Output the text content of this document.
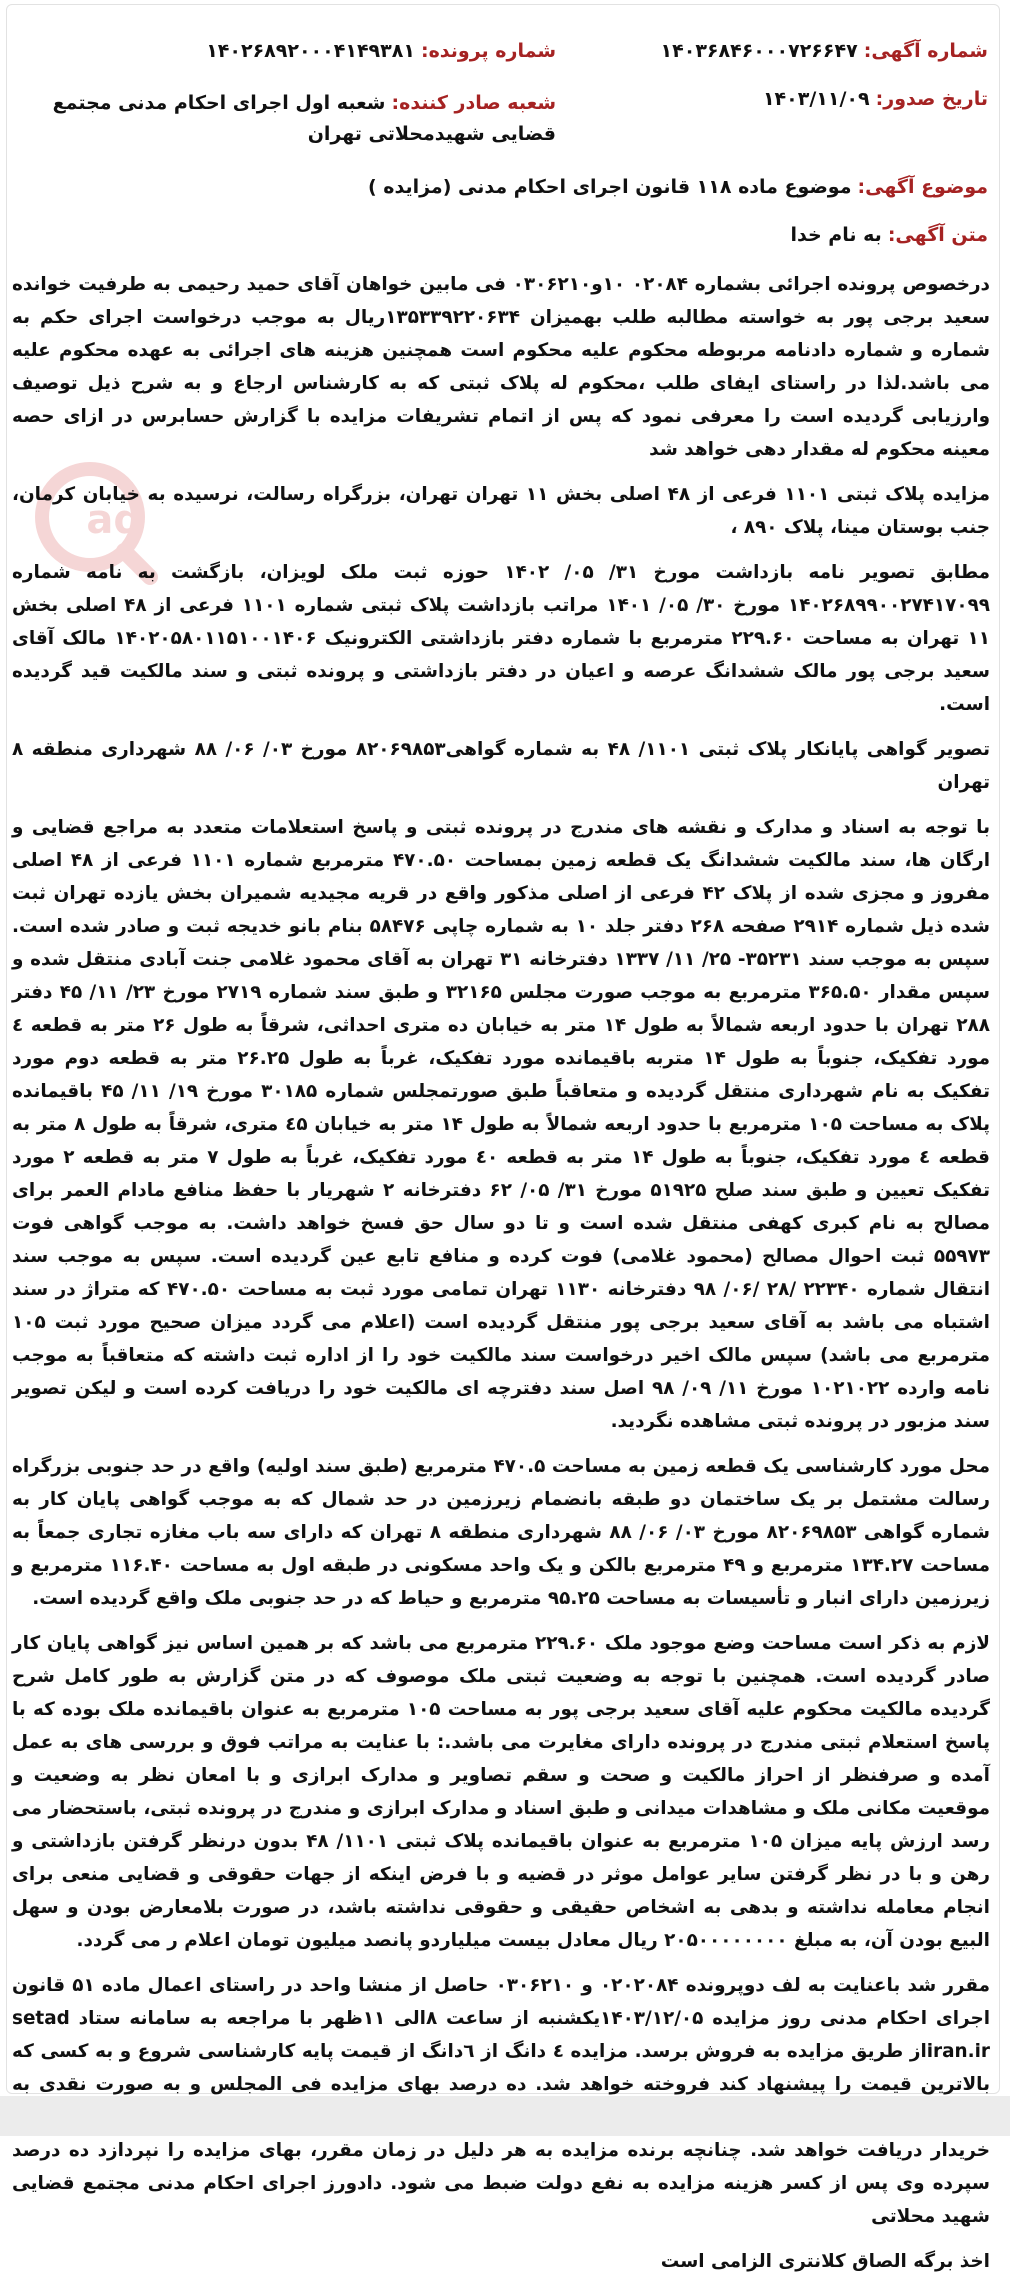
شماره آگهی: ۱۴۰۳۶۸۴۶۰۰۰۷۲۶۶۴۷
تاریخ صدور: ۱۴۰۳/۱۱/۰۹
شماره پرونده: ۱۴۰۲۶۸۹۲۰۰۰۴۱۴۹۳۸۱
شعبه صادر کننده: شعبه اول اجرای احکام مدنی مجتمع قضایی شهیدمحلاتی تهران
موضوع آگهی: موضوع ماده ۱۱۸ قانون اجرای احکام مدنی (مزایده )
متن آگهی: به نام خدا
ad

درخصوص پرونده اجرائی بشماره ۰۲۰۸۴ ۱۰و۰۳۰۶۲۱۰ فی مابین خواهان آقای حمید رحیمی به طرفیت خوانده سعید برجی پور به خواسته مطالبه طلب بهمیزان ۱۳۵۳۳۹۲۲۰۶۳۴ریال به موجب درخواست اجرای حکم به شماره و شماره دادنامه مربوطه محکوم علیه محکوم است همچنین هزینه های اجرائی به عهده محکوم علیه می باشد.لذا در راستای ایفای طلب ،محکوم له پلاک ثبتی که به کارشناس ارجاع و به شرح ذیل توصیف وارزیابی گردیده است را معرفی نمود که پس از اتمام تشریفات مزایده با گزارش حسابرس در ازای حصه معینه محکوم له مقدار دهی خواهد شد

مزایده پلاک ثبتی ۱۱۰۱ فرعی از ۴۸ اصلی بخش ۱۱ تهران تهران، بزرگراه رسالت، نرسیده به خیابان کرمان، جنب بوستان مینا، پلاک ۸۹۰ ،

مطابق تصویر نامه بازداشت مورخ ۳۱/ ۰۵/ ۱۴۰۲ حوزه ثبت ملک لویزان، بازگشت به نامه شماره ۱۴۰۲۶۸۹۹۰۰۲۷۴۱۷۰۹۹ مورخ ۳۰/ ۰۵/ ۱۴۰۱ مراتب بازداشت پلاک ثبتی شماره ۱۱۰۱ فرعی از ۴۸ اصلی بخش ۱۱ تهران به مساحت ۲۲۹.۶۰ مترمربع با شماره دفتر بازداشتی الکترونیک ۱۴۰۲۰۵۸۰۱۱۵۱۰۰۱۴۰۶ مالک آقای سعید برجی پور مالک ششدانگ عرصه و اعیان در دفتر بازداشتی و پرونده ثبتی و سند مالکیت قید گردیده است.

تصویر گواهی پایانکار پلاک ثبتی ۱۱۰۱/ ۴۸ به شماره گواهی۸۲۰۶۹۸۵۳ مورخ ۰۳/ ۰۶/ ۸۸ شهرداری منطقه ۸ تهران

با توجه به اسناد و مدارک و نقشه های مندرج در پرونده ثبتی و پاسخ استعلامات متعدد به مراجع قضایی و ارگان ها، سند مالکیت ششدانگ یک قطعه زمین بمساحت ۴۷۰.۵۰ مترمربع شماره ۱۱۰۱ فرعی از ۴۸ اصلی مفروز و مجزی شده از پلاک ۴۲ فرعی از اصلی مذکور واقع در قریه مجیدیه شمیران بخش یازده تهران ثبت شده ذیل شماره ۲۹۱۴ صفحه ۲۶۸ دفتر جلد ۱۰ به شماره چاپی ۵۸۴۷۶ بنام بانو خدیجه ثبت و صادر شده است. سپس به موجب سند ۳۵۲۳۱- ۲۵/ ۱۱/ ۱۳۳۷ دفترخانه ۳۱ تهران به آقای محمود غلامی جنت آبادی منتقل شده و سپس مقدار ۳۶۵.۵۰ مترمربع به موجب صورت مجلس ۳۲۱۶۵ و طبق سند شماره ۲۷۱۹ مورخ ۲۳/ ۱۱/ ۴۵ دفتر ۲۸۸ تهران با حدود اربعه شمالاً به طول ۱۴ متر به خیابان ده متری احداثی، شرقاً به طول ۲۶ متر به قطعه ٤ مورد تفکیک، جنوباً به طول ۱۴ متربه باقیمانده مورد تفکیک، غرباً به طول ۲۶.۲۵ متر به قطعه دوم مورد تفکیک به نام شهرداری منتقل گردیده و متعاقباً طبق صورتمجلس شماره ۳۰۱۸۵ مورخ ۱۹/ ۱۱/ ۴۵ باقیمانده پلاک به مساحت ۱۰۵ مترمربع با حدود اربعه شمالاً به طول ۱۴ متر به خیابان ٤۵ متری، شرقاً به طول ۸ متر به قطعه ٤ مورد تفکیک، جنوباً به طول ۱۴ متر به قطعه ٤۰ مورد تفکیک، غرباً به طول ۷ متر به قطعه ۲ مورد تفکیک تعیین و طبق سند صلح ۵۱۹۲۵ مورخ ۳۱/ ۰۵/ ۶۲ دفترخانه ۲ شهریار با حفظ منافع مادام العمر برای مصالح به نام کبری کهفی منتقل شده است و تا دو سال حق فسخ خواهد داشت. به موجب گواهی فوت ۵۵۹۷۳ ثبت احوال مصالح (محمود غلامی) فوت کرده و منافع تابع عین گردیده است. سپس به موجب سند انتقال شماره ۲۲۳۴۰ /۲۸ /۰۶/ ۹۸ دفترخانه ۱۱۳۰ تهران تمامی مورد ثبت به مساحت ۴۷۰.۵۰ که متراژ در سند اشتباه می باشد به آقای سعید برجی پور منتقل گردیده است (اعلام می گردد میزان صحیح مورد ثبت ۱۰۵ مترمربع می باشد) سپس مالک اخیر درخواست سند مالکیت خود را از اداره ثبت داشته که متعاقباً به موجب نامه وارده ۱۰۲۱۰۲۲ مورخ ۱۱/ ۰۹/ ۹۸ اصل سند دفترچه ای مالکیت خود را دریافت کرده است و لیکن تصویر سند مزبور در پرونده ثبتی مشاهده نگردید.

محل مورد کارشناسی یک قطعه زمین به مساحت ۴۷۰.۵ مترمربع (طبق سند اولیه) واقع در حد جنوبی بزرگراه رسالت مشتمل بر یک ساختمان دو طبقه بانضمام زیرزمین در حد شمال که به موجب گواهی پایان کار به شماره گواهی ۸۲۰۶۹۸۵۳ مورخ ۰۳/ ۰۶/ ۸۸ شهرداری منطقه ۸ تهران که دارای سه باب مغازه تجاری جمعاً به مساحت ۱۳۴.۲۷ مترمربع و ۴۹ مترمربع بالکن و یک واحد مسکونی در طبقه اول به مساحت ۱۱۶.۴۰ مترمربع و زیرزمین دارای انبار و تأسیسات به مساحت ۹۵.۲۵ مترمربع و حیاط که در حد جنوبی ملک واقع گردیده است.

لازم به ذکر است مساحت وضع موجود ملک ۲۲۹.۶۰ مترمربع می باشد که بر همین اساس نیز گواهی پایان کار صادر گردیده است. همچنین با توجه به وضعیت ثبتی ملک موصوف که در متن گزارش به طور کامل شرح گردیده مالکیت محکوم علیه آقای سعید برجی پور به مساحت ۱۰۵ مترمربع به عنوان باقیمانده ملک بوده که با پاسخ استعلام ثبتی مندرج در پرونده دارای مغایرت می باشد.: با عنایت به مراتب فوق و بررسی های به عمل آمده و صرفنظر از احراز مالکیت و صحت و سقم تصاویر و مدارک ابرازی و با امعان نظر به وضعیت و موقعیت مکانی ملک و مشاهدات میدانی و طبق اسناد و مدارک ابرازی و مندرج در پرونده ثبتی، باستحضار می رسد ارزش پایه میزان ۱۰۵ مترمربع به عنوان باقیمانده پلاک ثبتی ۱۱۰۱/ ۴۸ بدون درنظر گرفتن بازداشتی و رهن و با در نظر گرفتن سایر عوامل موثر در قضیه و با فرض اینکه از جهات حقوقی و قضایی منعی برای انجام معامله نداشته و بدهی به اشخاص حقیقی و حقوقی نداشته باشد، در صورت بلامعارض بودن و سهل البیع بودن آن، به مبلغ ۲۰۵۰۰۰۰۰۰۰۰ ریال معادل بیست میلیاردو پانصد میلیون تومان اعلام ر می گردد.

مقرر شد باعنایت به لف دوپرونده ۰۲۰۲۰۸۴ و ۰۳۰۶۲۱۰ حاصل از منشا واحد در راستای اعمال ماده ۵۱ قانون اجرای احکام مدنی روز مزایده ۱۴۰۳/۱۲/۰۵یکشنبه از ساعت ۸الی ۱۱ظهر با مراجعه به سامانه ستاد setad iran.irاز طریق مزایده به فروش برسد. مزایده ٤ دانگ از ٦دانگ از قیمت پایه کارشناسی شروع و به کسی که بالاترین قیمت را پیشنهاد کند فروخته خواهد شد. ده درصد بهای مزایده فی المجلس و به صورت نقدی به خریدار دریافت خواهد شد. چنانچه برنده مزایده به هر دلیل در زمان مقرر، بهای مزایده را نپردازد ده درصد سپرده وی پس از کسر هزینه مزایده به نفع دولت ضبط می شود. دادورز اجرای احکام مدنی مجتمع قضایی شهید محلاتی

اخذ برگه الصاق کلانتری الزامی است
